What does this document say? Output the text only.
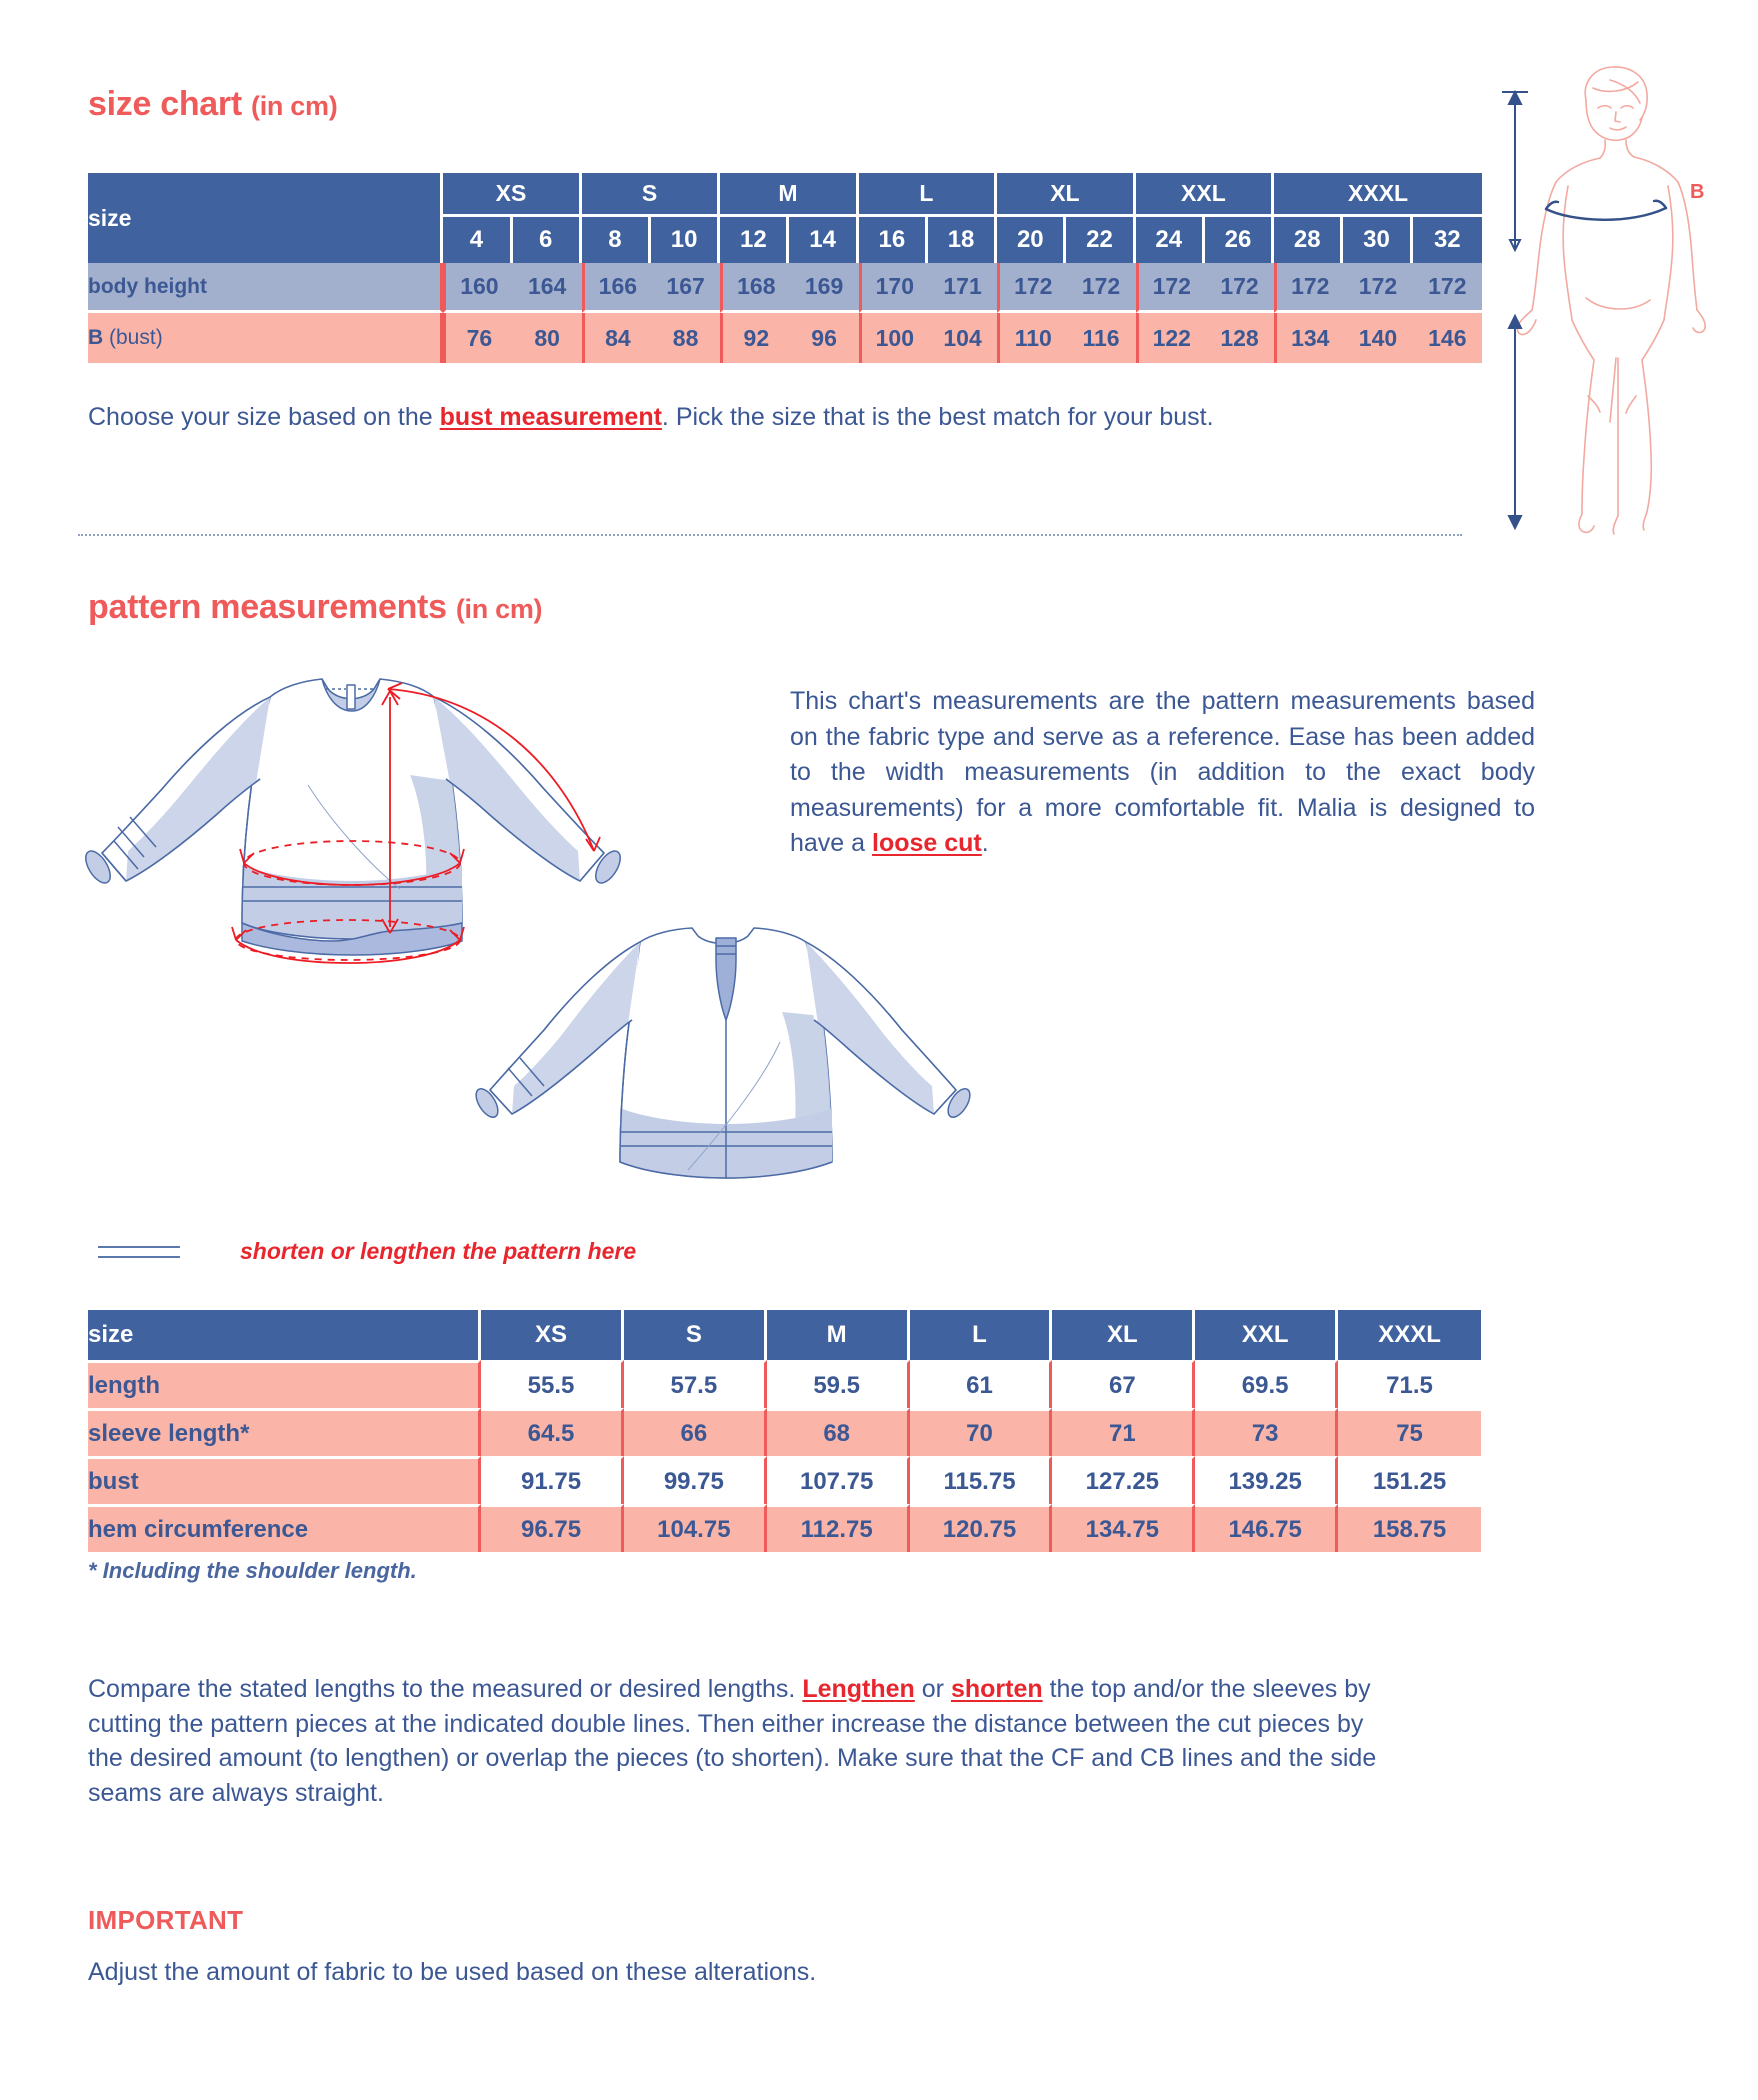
size chart (in cm)
size	XS		S		M		L		XL		XXL		XXXL		
	4	6	8	10	12	14	16	18	20	22	24	26	28	30	32
body height	160	164	166	167	168	169	170	171	172	172	172	172	172	172	172
B (bust)	76	80	84	88	92	96	100	104	110	116	122	128	134	140	146
Choose your size based on the bust measurement. Pick the size that is the best match for your bust.
B
pattern measurements (in cm)
This chart's measurements are the pattern measurements based on the fabric type and serve as a reference. Ease has been added to the width measurements (in addition to the exact body measurements) for a more comfortable fit. Malia is designed to have a loose cut.
shorten or lengthen the pattern here
size	XS	S	M	L	XL	XXL	XXXL
length	55.5	57.5	59.5	61	67	69.5	71.5
sleeve length*	64.5	66	68	70	71	73	75
bust	91.75	99.75	107.75	115.75	127.25	139.25	151.25
hem circumference	96.75	104.75	112.75	120.75	134.75	146.75	158.75
* Including the shoulder length.
Compare the stated lengths to the measured or desired lengths. Lengthen or shorten the top and/or the sleeves by cutting the pattern pieces at the indicated double lines. Then either increase the distance between the cut pieces by the desired amount (to lengthen) or overlap the pieces (to shorten). Make sure that the CF and CB lines and the side seams are always straight.
IMPORTANT
Adjust the amount of fabric to be used based on these alterations.
